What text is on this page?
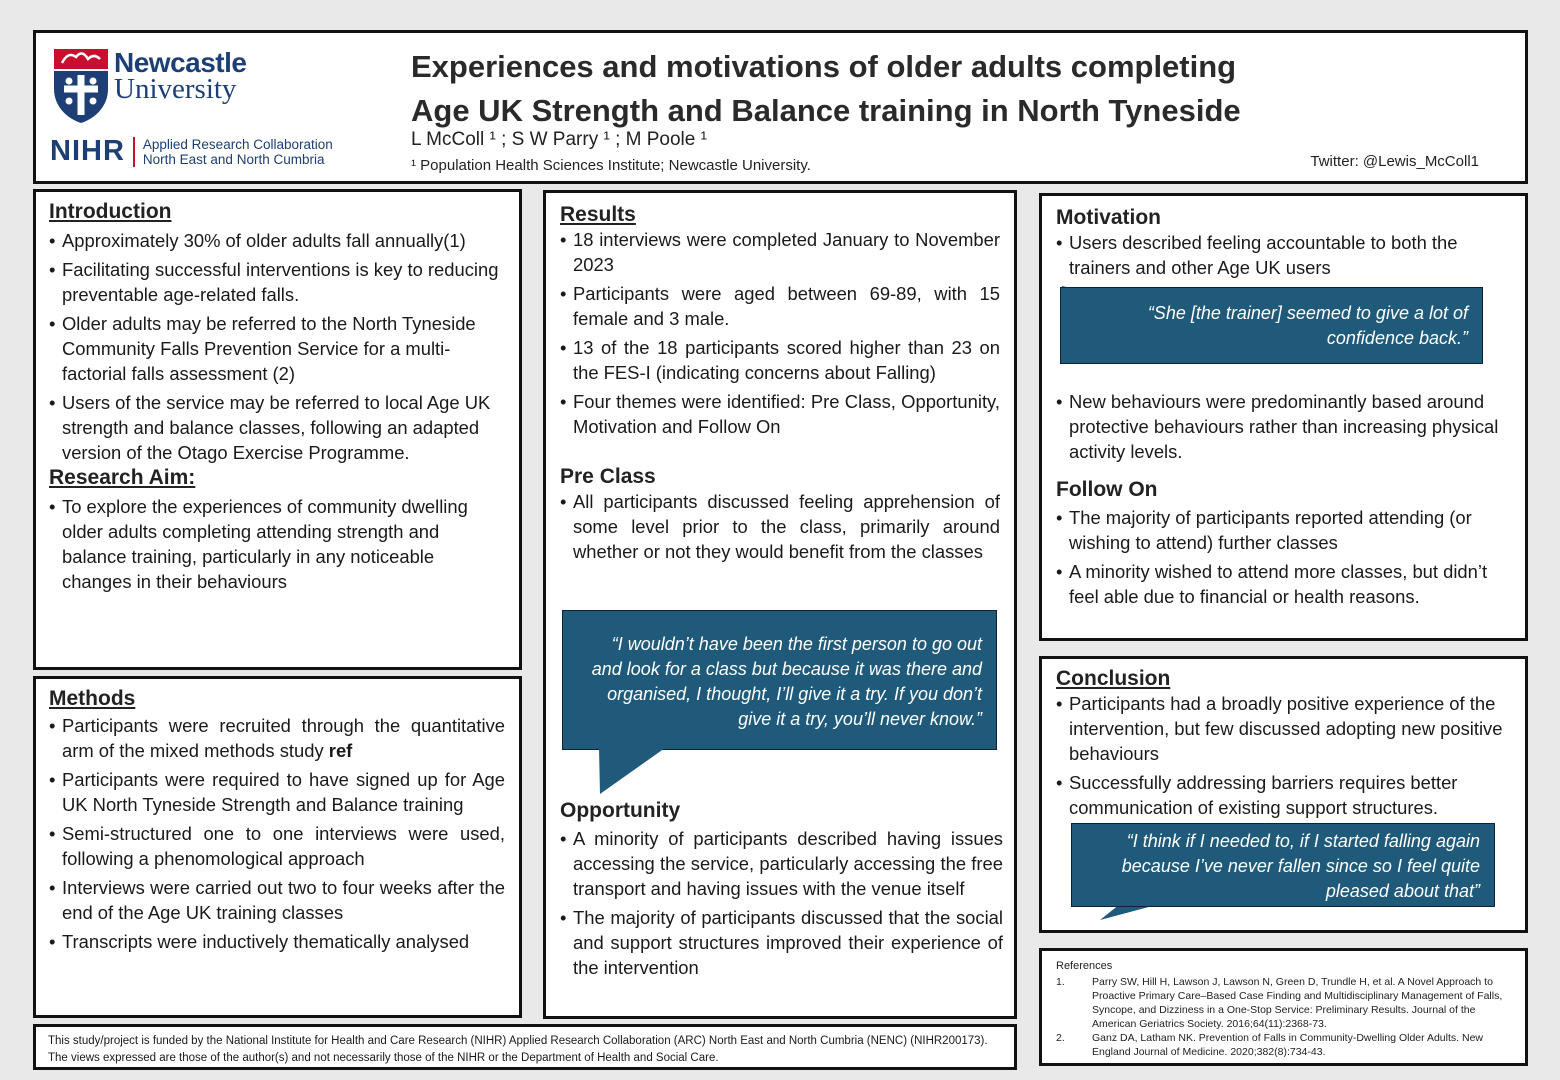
Newcastle
University
NIHR Applied Research Collaboration
North East and North Cumbria
Experiences and motivations of older adults completing
Age UK Strength and Balance training in North Tyneside
L McColl ¹ ; S W Parry ¹ ; M Poole ¹
¹ Population Health Sciences Institute; Newcastle University.	Twitter: @Lewis_McColl1
Introduction
• Approximately 30% of older adults fall annually(1)
• Facilitating successful interventions is key to reducing preventable age-related falls.
• Older adults may be referred to the North Tyneside Community Falls Prevention Service for a multi-factorial falls assessment (2)
• Users of the service may be referred to local Age UK strength and balance classes, following an adapted version of the Otago Exercise Programme.
Research Aim:
• To explore the experiences of community dwelling older adults completing attending strength and balance training, particularly in any noticeable changes in their behaviours
Methods
• Participants were recruited through the quantitative arm of the mixed methods study ref
• Participants were required to have signed up for Age UK North Tyneside Strength and Balance training
• Semi-structured one to one interviews were used, following a phenomological approach
• Interviews were carried out two to four weeks after the end of the Age UK training classes
• Transcripts were inductively thematically analysed
Results
• 18 interviews were completed January to November 2023
• Participants were aged between 69-89, with 15 female and 3 male.
• 13 of the 18 participants scored higher than 23 on the FES-I (indicating concerns about Falling)
• Four themes were identified: Pre Class, Opportunity, Motivation and Follow On
Pre Class
• All participants discussed feeling apprehension of some level prior to the class, primarily around whether or not they would benefit from the classes
Opportunity
• A minority of participants described having issues accessing the service, particularly accessing the free transport and having issues with the venue itself
• The majority of participants discussed that the social and support structures improved their experience of the intervention
“I wouldn’t have been the first person to go out and look for a class but because it was there and organised, I thought, I’ll give it a try. If you don’t give it a try, you’ll never know.”
Motivation
• Users described feeling accountable to both the trainers and other Age UK users
• New behaviours were predominantly based around protective behaviours rather than increasing physical activity levels.
Follow On
• The majority of participants reported attending (or wishing to attend) further classes
• A minority wished to attend more classes, but didn’t feel able due to financial or health reasons.
“She [the trainer] seemed to give a lot of confidence back.”
Conclusion
• Participants had a broadly positive experience of the intervention, but few discussed adopting new positive behaviours
• Successfully addressing barriers requires better communication of existing support structures.
“I think if I needed to, if I started falling again because I’ve never fallen since so I feel quite pleased about that”
References
1.	Parry SW, Hill H, Lawson J, Lawson N, Green D, Trundle H, et al. A Novel Approach to Proactive Primary Care–Based Case Finding and Multidisciplinary Management of Falls, Syncope, and Dizziness in a One-Stop Service: Preliminary Results. Journal of the American Geriatrics Society. 2016;64(11):2368-73.
2.	Ganz DA, Latham NK. Prevention of Falls in Community-Dwelling Older Adults. New England Journal of Medicine. 2020;382(8):734-43.
This study/project is funded by the National Institute for Health and Care Research (NIHR) Applied Research Collaboration (ARC) North East and North Cumbria (NENC) (NIHR200173). The views expressed are those of the author(s) and not necessarily those of the NIHR or the Department of Health and Social Care.
